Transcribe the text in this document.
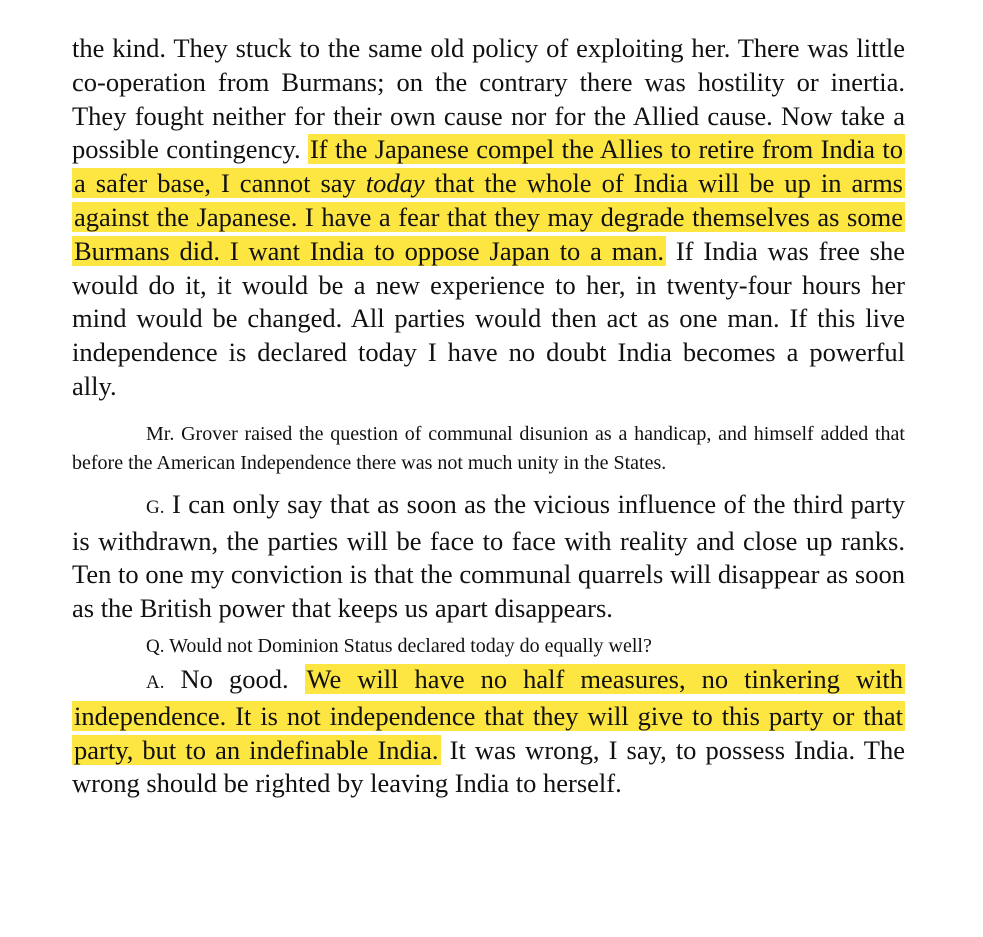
the kind. They stuck to the same old policy of exploiting her. There was little co-operation from Burmans; on the contrary there was hostility or inertia. They fought neither for their own cause nor for the Allied cause. Now take a possible contingency. If the Japanese compel the Allies to retire from India to a safer base, I cannot say today that the whole of India will be up in arms against the Japanese. I have a fear that they may degrade themselves as some Burmans did. I want India to oppose Japan to a man. If India was free she would do it, it would be a new experience to her, in twenty-four hours her mind would be changed. All parties would then act as one man. If this live independence is declared today I have no doubt India becomes a powerful ally.

Mr. Grover raised the question of communal disunion as a handicap, and himself added that before the American Independence there was not much unity in the States.

G. I can only say that as soon as the vicious influence of the third party is withdrawn, the parties will be face to face with reality and close up ranks. Ten to one my conviction is that the communal quarrels will disappear as soon as the British power that keeps us apart disappears.

Q. Would not Dominion Status declared today do equally well?

A. No good. We will have no half measures, no tinkering with independence. It is not independence that they will give to this party or that party, but to an indefinable India. It was wrong, I say, to possess India. The wrong should be righted by leaving India to herself.
